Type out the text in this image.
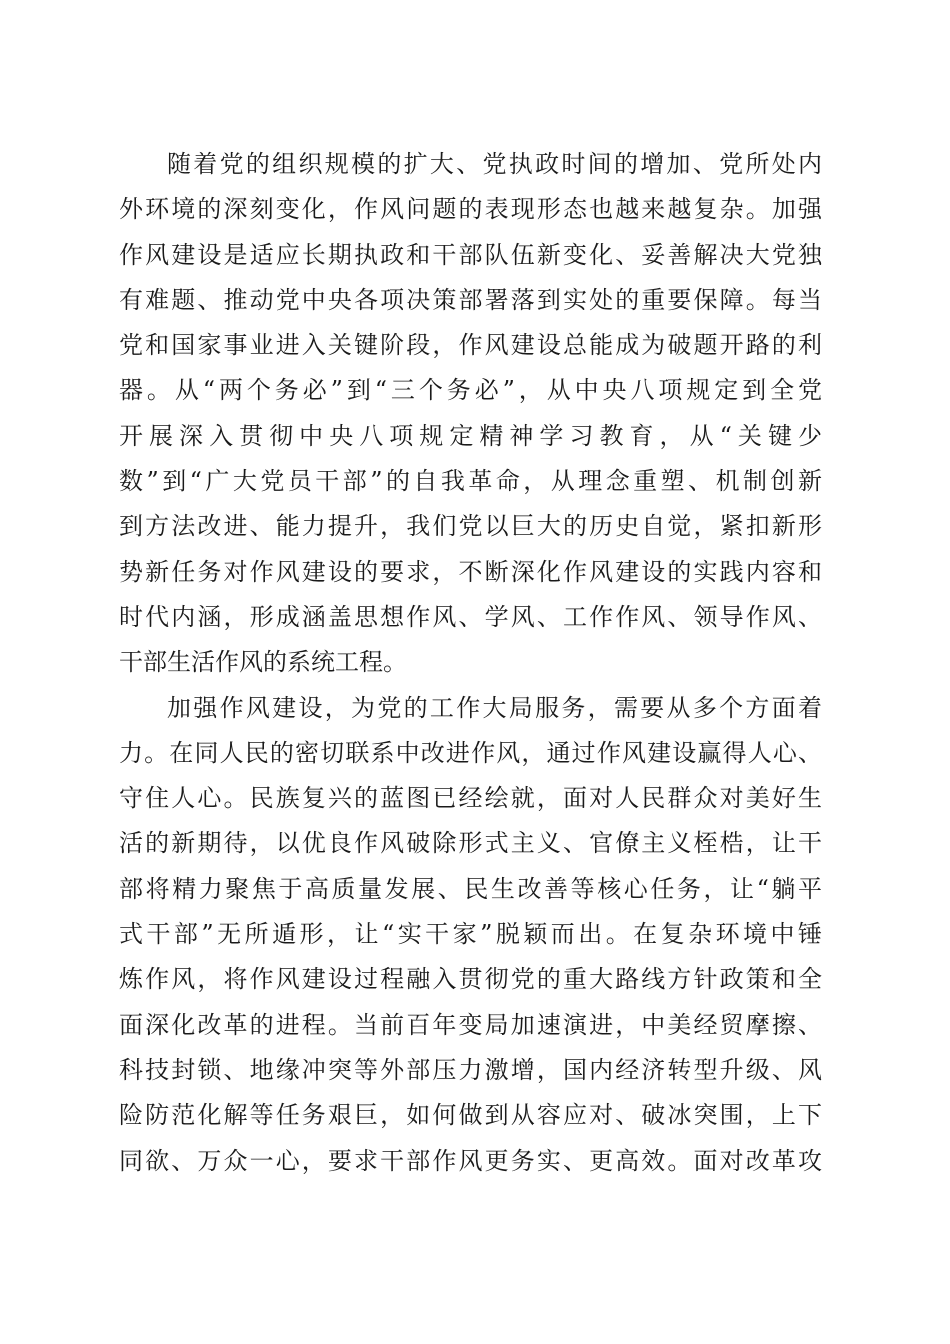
随着党的组织规模的扩大、党执政时间的增加、党所处内
外环境的深刻变化，作风问题的表现形态也越来越复杂。加强
作风建设是适应长期执政和干部队伍新变化、妥善解决大党独
有难题、推动党中央各项决策部署落到实处的重要保障。每当
党和国家事业进入关键阶段，作风建设总能成为破题开路的利
器。从“两个务必”到“三个务必”，从中央八项规定到全党
开展深入贯彻中央八项规定精神学习教育，从“关键少
数”到“广大党员干部”的自我革命，从理念重塑、机制创新
到方法改进、能力提升，我们党以巨大的历史自觉，紧扣新形
势新任务对作风建设的要求，不断深化作风建设的实践内容和
时代内涵，形成涵盖思想作风、学风、工作作风、领导作风、
干部生活作风的系统工程。
加强作风建设，为党的工作大局服务，需要从多个方面着
力。在同人民的密切联系中改进作风，通过作风建设赢得人心、
守住人心。民族复兴的蓝图已经绘就，面对人民群众对美好生
活的新期待，以优良作风破除形式主义、官僚主义桎梏，让干
部将精力聚焦于高质量发展、民生改善等核心任务，让“躺平
式干部”无所遁形，让“实干家”脱颖而出。在复杂环境中锤
炼作风，将作风建设过程融入贯彻党的重大路线方针政策和全
面深化改革的进程。当前百年变局加速演进，中美经贸摩擦、
科技封锁、地缘冲突等外部压力激增，国内经济转型升级、风
险防范化解等任务艰巨，如何做到从容应对、破冰突围，上下
同欲、万众一心，要求干部作风更务实、更高效。面对改革攻
